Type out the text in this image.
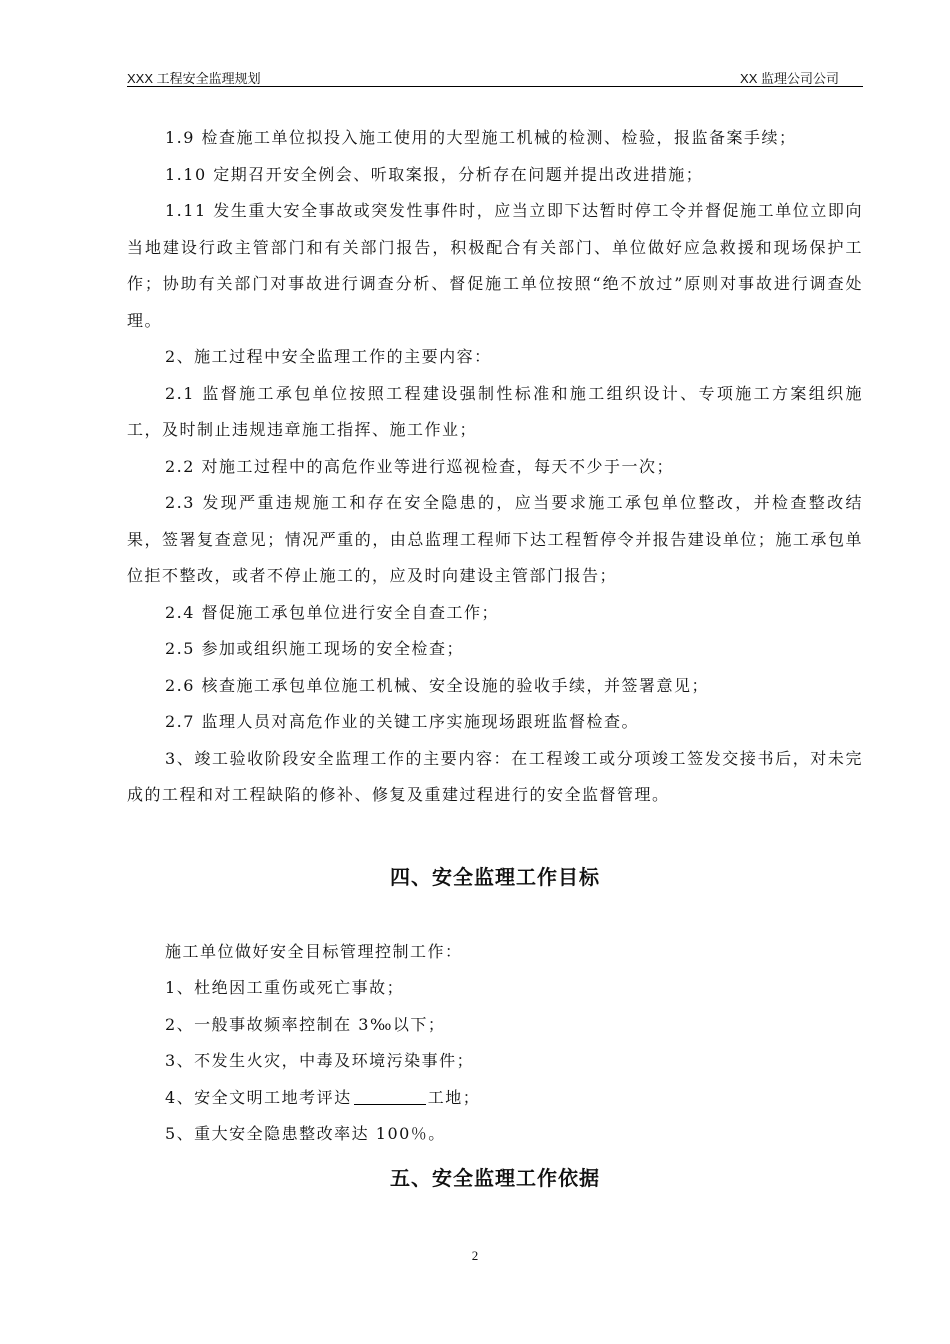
XXX 工程安全监理规划	XX 监理公司公司

1.9 检查施工单位拟投入施工使用的大型施工机械的检测、检验，报监备案手续；

1.10 定期召开安全例会、听取案报，分析存在问题并提出改进措施；

1.11 发生重大安全事故或突发性事件时，应当立即下达暂时停工令并督促施工单位立即向当地建设行政主管部门和有关部门报告，积极配合有关部门、单位做好应急救援和现场保护工作；协助有关部门对事故进行调查分析、督促施工单位按照“绝不放过”原则对事故进行调查处理。

2、施工过程中安全监理工作的主要内容：

2.1 监督施工承包单位按照工程建设强制性标准和施工组织设计、专项施工方案组织施工，及时制止违规违章施工指挥、施工作业；

2.2 对施工过程中的高危作业等进行巡视检查，每天不少于一次；

2.3 发现严重违规施工和存在安全隐患的，应当要求施工承包单位整改，并检查整改结果，签署复查意见；情况严重的，由总监理工程师下达工程暂停令并报告建设单位；施工承包单位拒不整改，或者不停止施工的，应及时向建设主管部门报告；

2.4 督促施工承包单位进行安全自查工作；

2.5 参加或组织施工现场的安全检查；

2.6 核查施工承包单位施工机械、安全设施的验收手续，并签署意见；

2.7 监理人员对高危作业的关键工序实施现场跟班监督检查。

3、竣工验收阶段安全监理工作的主要内容：在工程竣工或分项竣工签发交接书后，对未完成的工程和对工程缺陷的修补、修复及重建过程进行的安全监督管理。

四、安全监理工作目标

施工单位做好安全目标管理控制工作：

1、杜绝因工重伤或死亡事故；

2、一般事故频率控制在 3‰以下；

3、不发生火灾，中毒及环境污染事件；

4、安全文明工地考评达	工地；

5、重大安全隐患整改率达 100％。

五、安全监理工作依据
2
